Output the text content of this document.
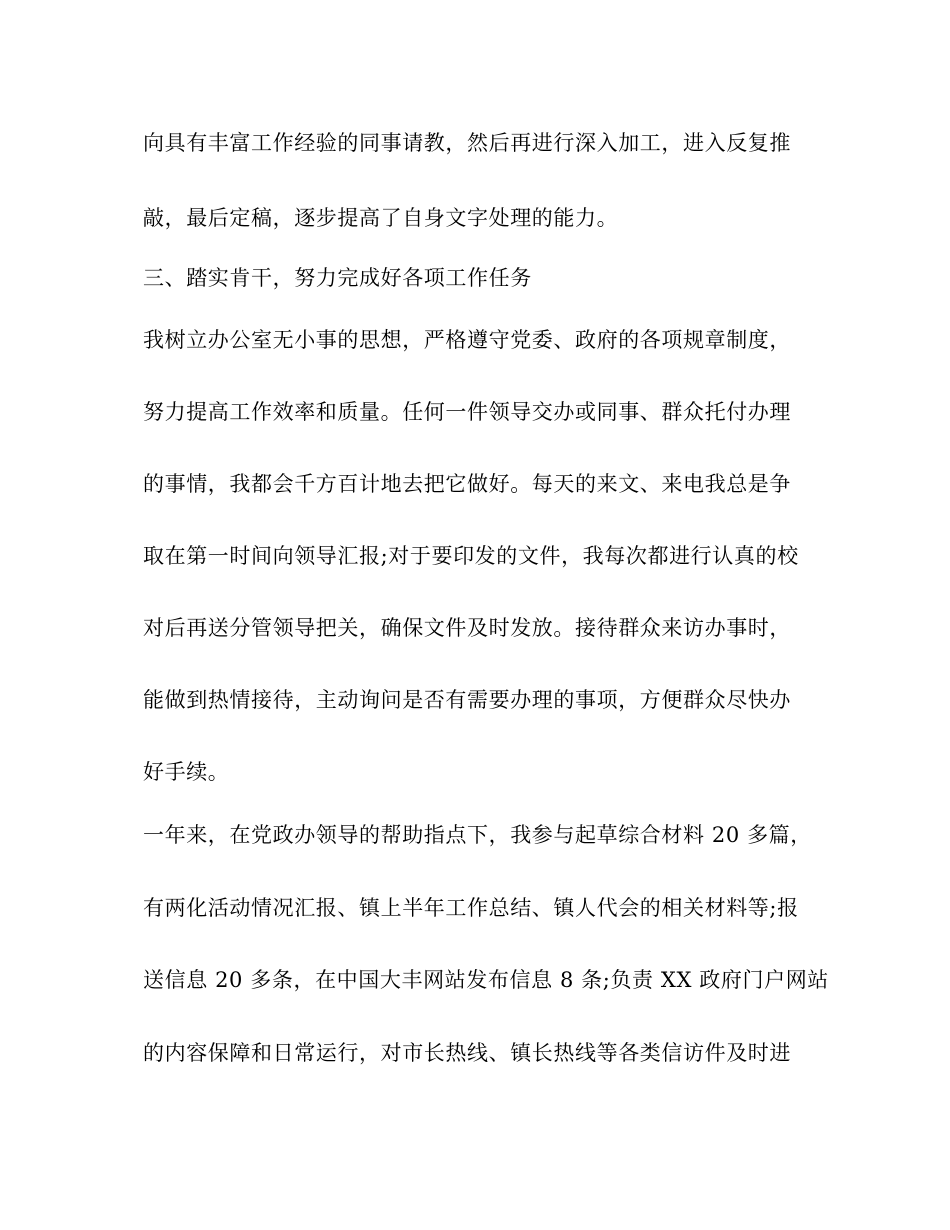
向具有丰富工作经验的同事请教，然后再进行深入加工，进入反复推
敲，最后定稿，逐步提高了自身文字处理的能力。
三、踏实肯干，努力完成好各项工作任务
我树立办公室无小事的思想，严格遵守党委、政府的各项规章制度，
努力提高工作效率和质量。任何一件领导交办或同事、群众托付办理
的事情，我都会千方百计地去把它做好。每天的来文、来电我总是争
取在第一时间向领导汇报;对于要印发的文件，我每次都进行认真的校
对后再送分管领导把关，确保文件及时发放。接待群众来访办事时，
能做到热情接待，主动询问是否有需要办理的事项，方便群众尽快办
好手续。
一年来，在党政办领导的帮助指点下，我参与起草综合材料 20 多篇，
有两化活动情况汇报、镇上半年工作总结、镇人代会的相关材料等;报
送信息 20 多条，在中国大丰网站发布信息 8 条;负责 XX 政府门户网站
的内容保障和日常运行，对市长热线、镇长热线等各类信访件及时进
